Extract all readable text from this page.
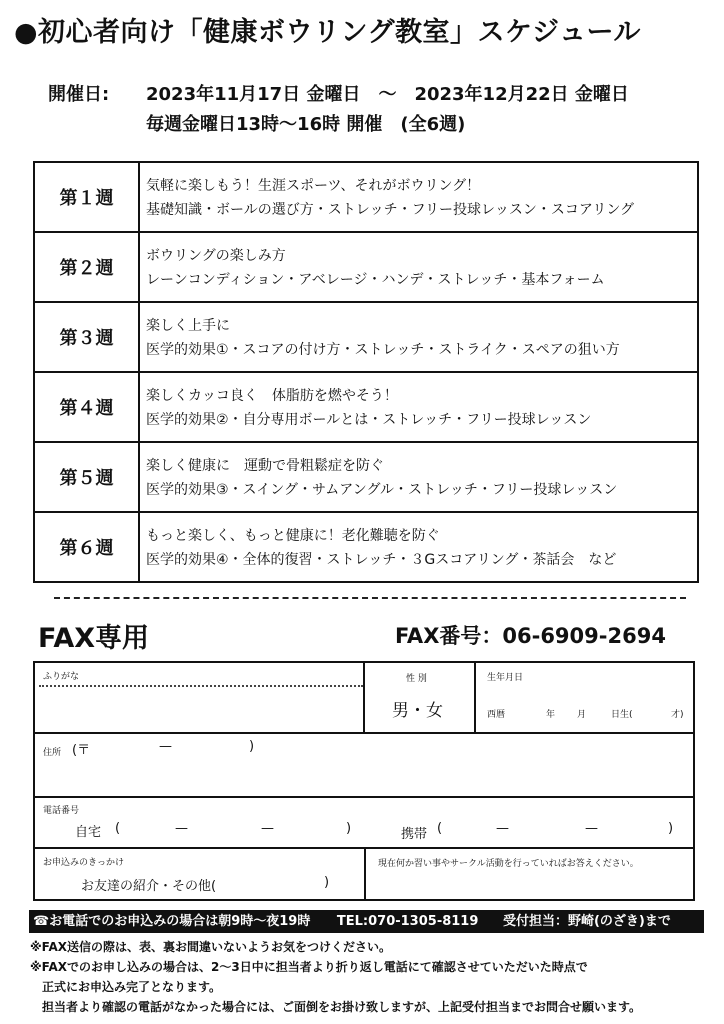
●初心者向け「健康ボウリング教室」スケジュール
開催日:	2023年11月17日 金曜日　～　2023年12月22日 金曜日
毎週金曜日13時～16時 開催　(全6週)
第１週	気軽に楽しもう！生涯スポーツ、それがボウリング！
基礎知識・ボールの選び方・ストレッチ・フリー投球レッスン・スコアリング

第２週	ボウリングの楽しみ方
レーンコンディション・アベレージ・ハンデ・ストレッチ・基本フォーム

第３週	楽しく上手に
医学的効果①・スコアの付け方・ストレッチ・ストライク・スペアの狙い方

第４週	楽しくカッコ良く　体脂肪を燃やそう！
医学的効果②・自分専用ボールとは・ストレッチ・フリー投球レッスン

第５週	楽しく健康に　運動で骨粗鬆症を防ぐ
医学的効果③・スイング・サムアングル・ストレッチ・フリー投球レッスン

第６週	もっと楽しく、もっと健康に！老化難聴を防ぐ
医学的効果④・全体的復習・ストレッチ・３Gスコアリング・茶話会　など
FAX専用	FAX番号：06-6909-2694
ふりがな	性 別
男・女
生年月日
西暦	年 月	日生(	才)
住所 (〒	—	)
電話番号
自宅 (	—	—	)	携帯 (	—	—	)
お申込みのきっかけ
お友達の紹介・その他(	)
現在何か習い事やサークル活動を行っていればお答えください。
☎お電話でのお申込みの場合は朝9時～夜19時 TEL:070-1305-8119 受付担当：野崎(のざき)まで
※FAX送信の際は、表、裏お間違いないようお気をつけください。
※FAXでのお申し込みの場合は、2～3日中に担当者より折り返し電話にて確認させていただいた時点で
　正式にお申込み完了となります。
　担当者より確認の電話がなかった場合には、ご面倒をお掛け致しますが、上記受付担当までお問合せ願います。
